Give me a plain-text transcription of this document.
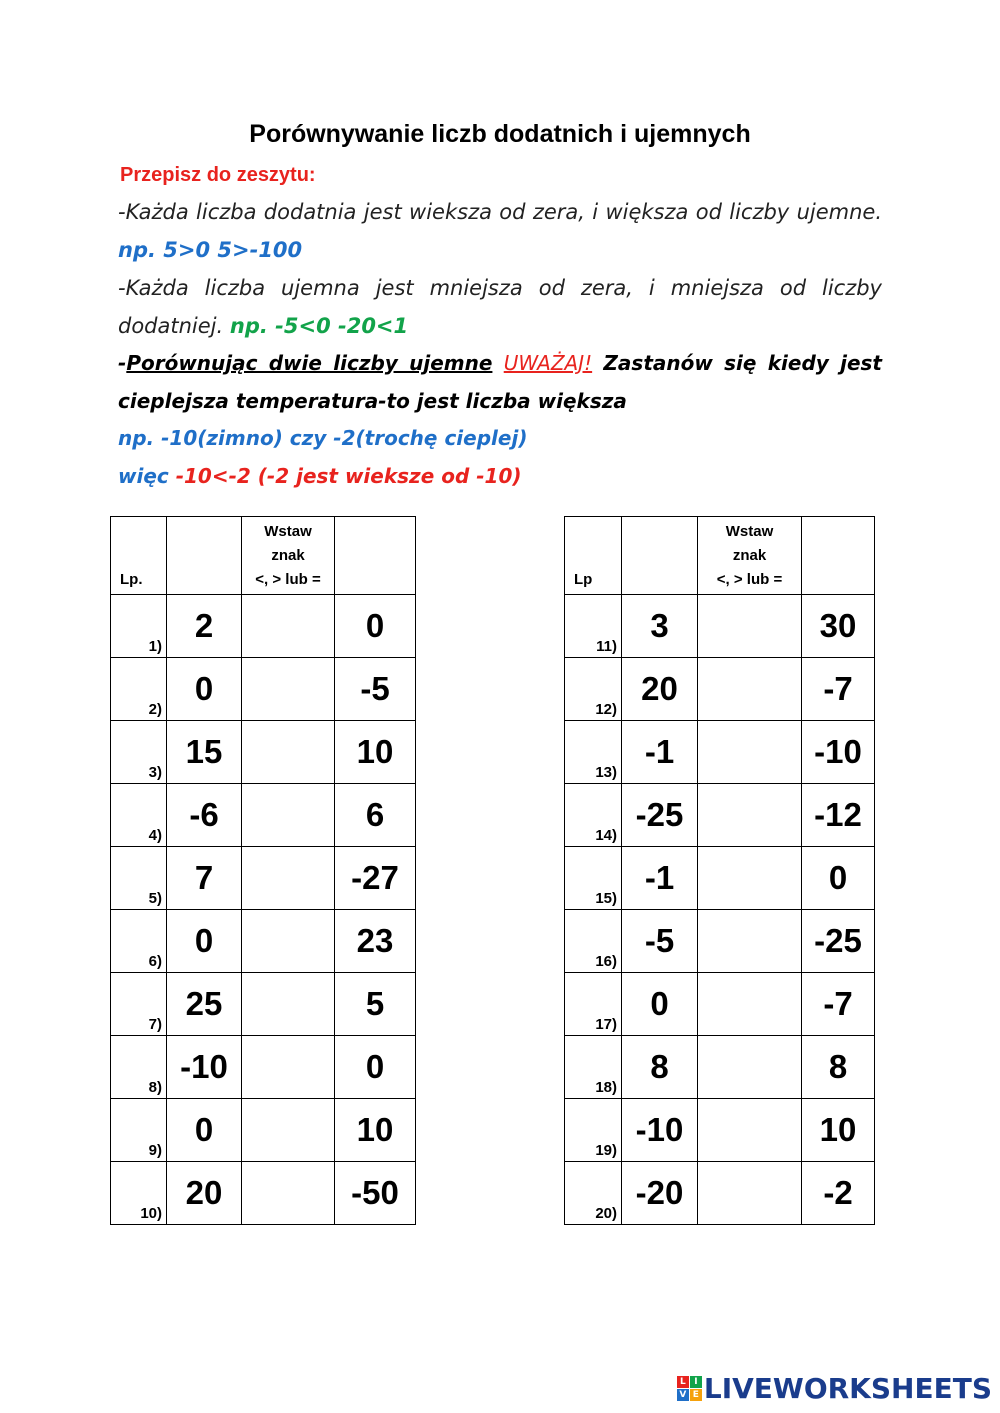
Porównywanie liczb dodatnich i ujemnych
Przepisz do zeszytu:
-Każda liczba dodatnia jest wieksza od zera, i większa od liczby ujemne. np. 5>0 5>-100
-Każda liczba ujemna jest mniejsza od zera, i mniejsza od liczby dodatniej. np. -5<0 -20<1
-Porównując dwie liczby ujemne UWAŻAJ! Zastanów się kiedy jest cieplejsza temperatura-to jest liczba większa
np. -10(zimno) czy -2(trochę cieplej)
więc -10<-2 (-2 jest wieksze od -10)
Lp.		Wstaw
znak
<, > lub =	

1)	2		0

2)	0		-5

3)	15		10

4)	-6		6

5)	7		-27

6)	0		23

7)	25		5

8)	-10		0

9)	0		10

10)	20		-50
Lp		Wstaw
znak
<, > lub =	

11)	3		30

12)	20		-7

13)	-1		-10

14)	-25		-12

15)	-1		0

16)	-5		-25

17)	0		-7

18)	8		8

19)	-10		10

20)	-20		-2
L I
V E LIVEWORKSHEETS
